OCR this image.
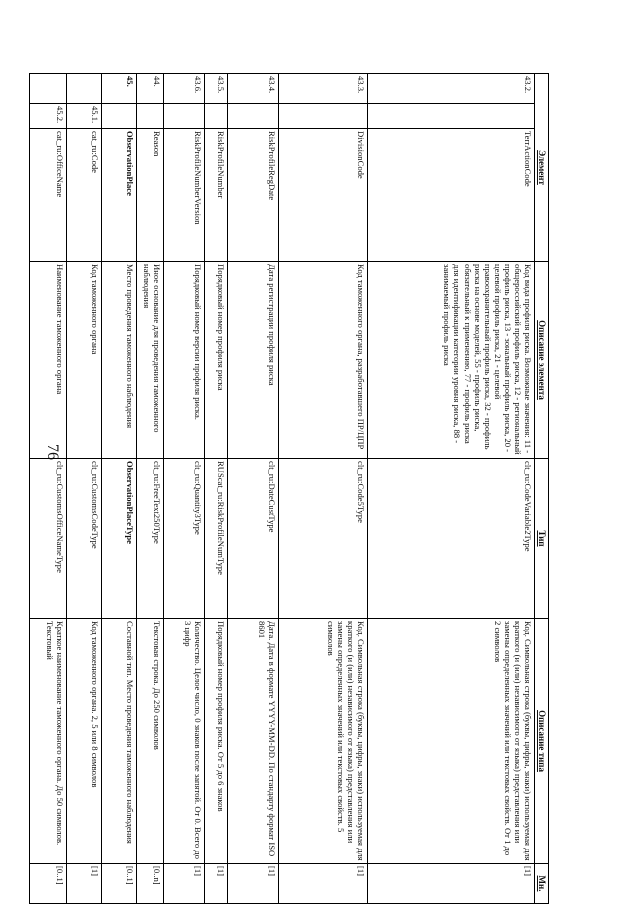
76
Элемент			Описание элемента	Тип	Описание типа	Мн.
43.2.		TerrActionCode	Код вида профиля риска. Возможные значения: 11 - общероссийский профиль риска, 12 - региональный профиль риска, 13 - зональный профиль риска, 20 - целевой профиль риска, 21 - целевой правоохранительный профиль риска, 32 - профиль риска на основе моделей, 55 - профиль риска, обязательный к применению, 77 - профиль риска для идентификации категории уровня риска, 88 - занимаемый профиль риска	clt_ru:CodeVariable2Type	Код. Символьная строка (буквы, цифры, знаки) используемая для краткого (и (или) независимого от языка) представления или замены определенных значений или текстовых свойств. От 1 до 2 символов	[1]
43.3.		DivisionCode	Код таможенного органа, разработавшего ПР/ЦПР	clt_ru:Code5Type	Код. Символьная строка (буквы, цифры, знаки) используемая для краткого (и (или) независимого от языка) представления или замены определенных значений или текстовых свойств. 5 символов	[1]
43.4.		RiskProfileRegDate	Дата регистрации профиля риска	clt_ru:DateCustType	Дата. Дата в формате YYYY-MM-DD. По стандарту формат ISO 8601	[1]
43.5.		RiskProfileNumber	Порядковый номер профиля риска	RUScat_ru:RiskProfileNumType	Порядковый номер профиля риска. От 5 до 6 знаков	[1]
43.6.		RiskProfileNumberVersion	Порядковый номер версии профиля риска.	clt_ru:Quantity3Type	Количество. Целое число, 0 знаков после запятой. От 0. Всего до 3 цифр	[1]
44.		Reason	Иное основание для проведения таможенного наблюдения	clt_ru:FreeText250Type	Текстовая строка. До 250 символов	[0..n]
45.		ObservationPlace	Место проведения таможенного наблюдения	ObservationPlaceType	Составной тип. Место проведения таможенного наблюдения	[0..1]
	45.1.	cat_ru:Code	Код таможенного органа	clt_ru:CustomsCodeType	Код таможенного органа. 2, 5 или 8 символов	[1]
	45.2.	cat_ru:OfficeName	Наименование таможенного органа	clt_ru:CustomsOfficeNameType	Краткое наименование таможенного органа. До 50 символов. Текстовый	[0..1]
